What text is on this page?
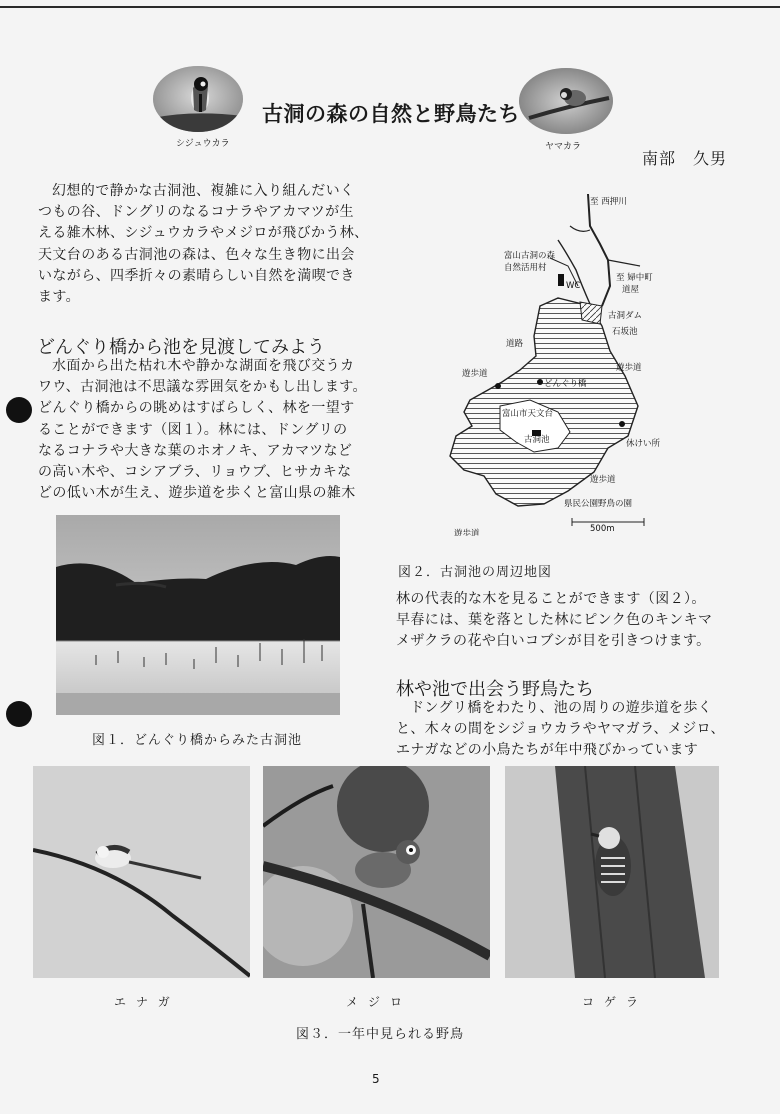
シジュウカラ
古洞の森の自然と野鳥たち
ヤマカラ
南部　久男
幻想的で静かな古洞池、複雑に入り組んだいく
つもの谷、ドングリのなるコナラやアカマツが生
える雑木林、シジュウカラやメジロが飛びかう林、
天文台のある古洞池の森は、色々な生き物に出会
いながら、四季折々の素晴らしい自然を満喫でき
ます。
どんぐり橋から池を見渡してみよう
水面から出た枯れ木や静かな湖面を飛び交うカ
ワウ、古洞池は不思議な雰囲気をかもし出します。
どんぐり橋からの眺めはすばらしく、林を一望す
ることができます（図１）。林には、ドングリの
なるコナラや大きな葉のホオノキ、アカマツなど
の高い木や、コシアブラ、リョウブ、ヒサカキな
どの低い木が生え、遊歩道を歩くと富山県の雑木
図１．どんぐり橋からみた古洞池
至 西押川
富山古洞の森
自然活用村
WC
至 婦中町
道屋
古洞ダム
石坂池
道路
遊歩道
遊歩道
どんぐり橋
富山市天文台
古洞池	休けい所
遊歩道
県民公園野鳥の園
遊歩道	500m
図２．古洞池の周辺地図
林の代表的な木を見ることができます（図２）。
早春には、葉を落とした林にピンク色のキンキマ
メザクラの花や白いコブシが目を引きつけます。
林や池で出会う野鳥たち
ドングリ橋をわたり、池の周りの遊歩道を歩く
と、木々の間をシジョウカラやヤマガラ、メジロ、
エナガなどの小鳥たちが年中飛びかっています
エナガ	メジロ	コゲラ
図３．一年中見られる野鳥
5
